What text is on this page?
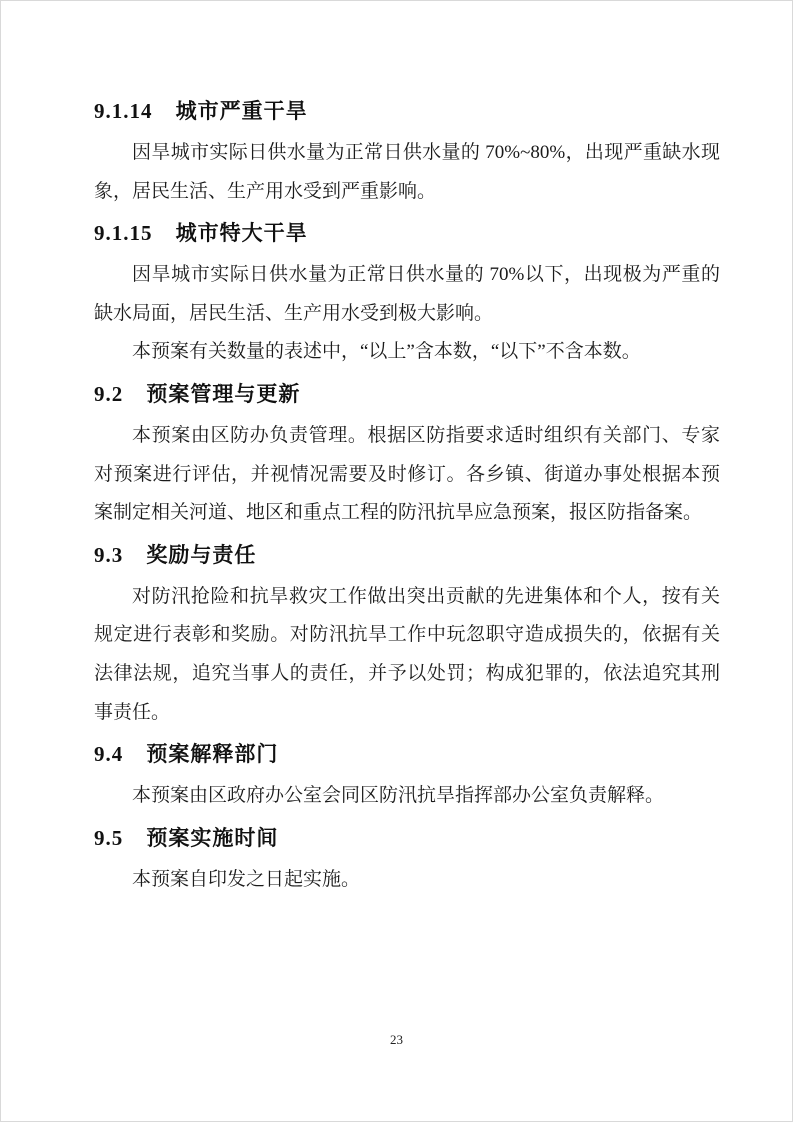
9.1.14 城市严重干旱

因旱城市实际日供水量为正常日供水量的 70%~80%，出现严重缺水现象，居民生活、生产用水受到严重影响。

9.1.15 城市特大干旱

因旱城市实际日供水量为正常日供水量的 70%以下，出现极为严重的缺水局面，居民生活、生产用水受到极大影响。

本预案有关数量的表述中，“以上”含本数，“以下”不含本数。

9.2 预案管理与更新

本预案由区防办负责管理。根据区防指要求适时组织有关部门、专家对预案进行评估，并视情况需要及时修订。各乡镇、街道办事处根据本预案制定相关河道、地区和重点工程的防汛抗旱应急预案，报区防指备案。

9.3 奖励与责任

对防汛抢险和抗旱救灾工作做出突出贡献的先进集体和个人，按有关规定进行表彰和奖励。对防汛抗旱工作中玩忽职守造成损失的，依据有关法律法规，追究当事人的责任，并予以处罚；构成犯罪的，依法追究其刑事责任。

9.4 预案解释部门

本预案由区政府办公室会同区防汛抗旱指挥部办公室负责解释。

9.5 预案实施时间

本预案自印发之日起实施。

23
